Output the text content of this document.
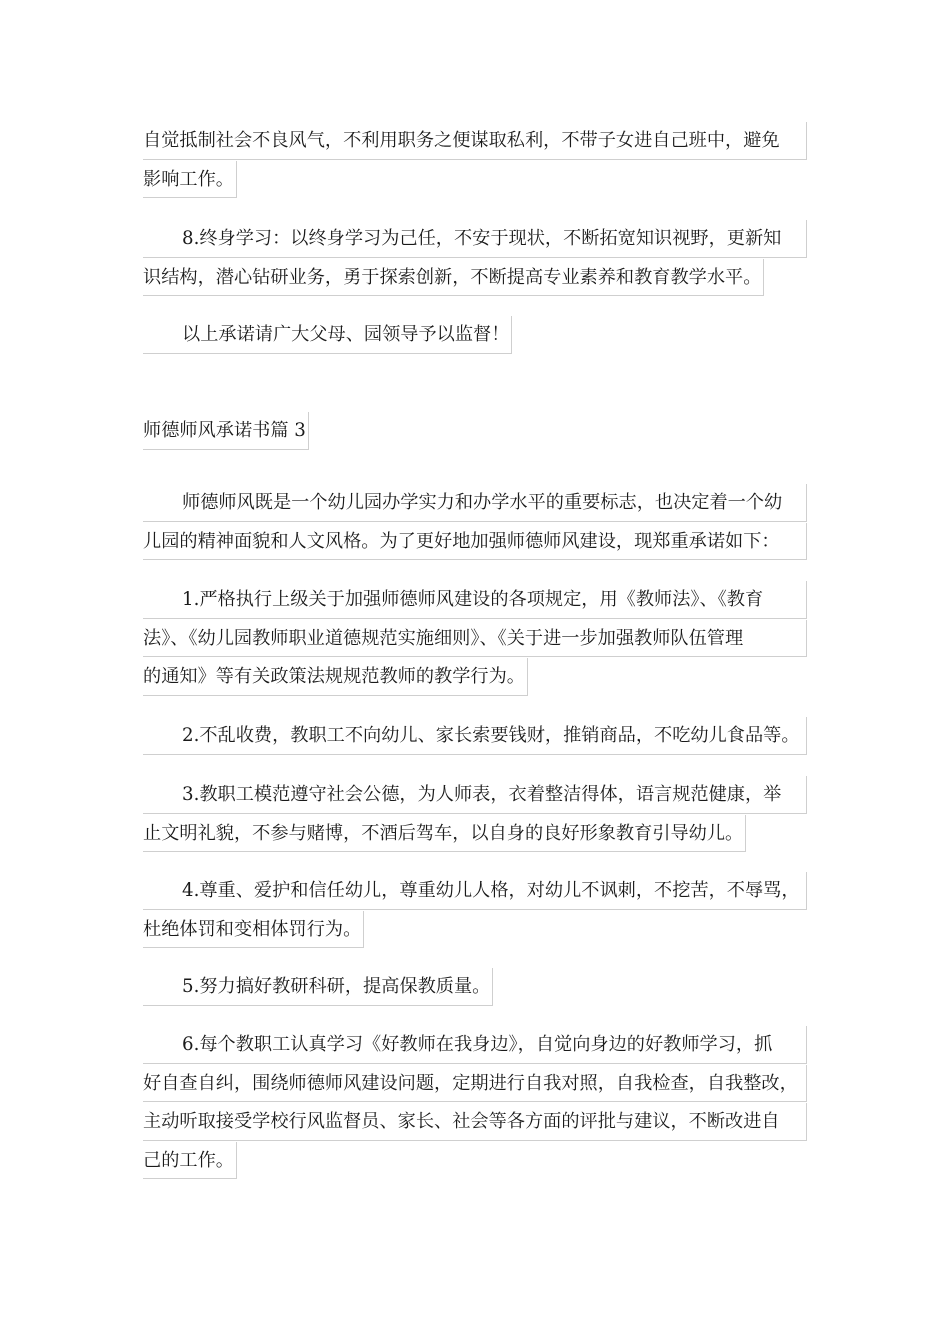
自觉抵制社会不良风气，不利用职务之便谋取私利，不带子女进自己班中，避免
影响工作。
8.终身学习：以终身学习为己任，不安于现状，不断拓宽知识视野，更新知
识结构，潜心钻研业务，勇于探索创新，不断提高专业素养和教育教学水平。
以上承诺请广大父母、园领导予以监督！
师德师风承诺书篇 3
师德师风既是一个幼儿园办学实力和办学水平的重要标志，也决定着一个幼
儿园的精神面貌和人文风格。为了更好地加强师德师风建设，现郑重承诺如下：
1.严格执行上级关于加强师德师风建设的各项规定，用《教师法》、《教育
法》、《幼儿园教师职业道德规范实施细则》、《关于进一步加强教师队伍管理
的通知》等有关政策法规规范教师的教学行为。
2.不乱收费，教职工不向幼儿、家长索要钱财，推销商品，不吃幼儿食品等。
3.教职工模范遵守社会公德，为人师表，衣着整洁得体，语言规范健康，举
止文明礼貌，不参与赌博，不酒后驾车，以自身的良好形象教育引导幼儿。
4.尊重、爱护和信任幼儿，尊重幼儿人格，对幼儿不讽刺，不挖苦，不辱骂，
杜绝体罚和变相体罚行为。
5.努力搞好教研科研，提高保教质量。
6.每个教职工认真学习《好教师在我身边》，自觉向身边的好教师学习，抓
好自查自纠，围绕师德师风建设问题，定期进行自我对照，自我检查，自我整改，
主动听取接受学校行风监督员、家长、社会等各方面的评批与建议，不断改进自
己的工作。
